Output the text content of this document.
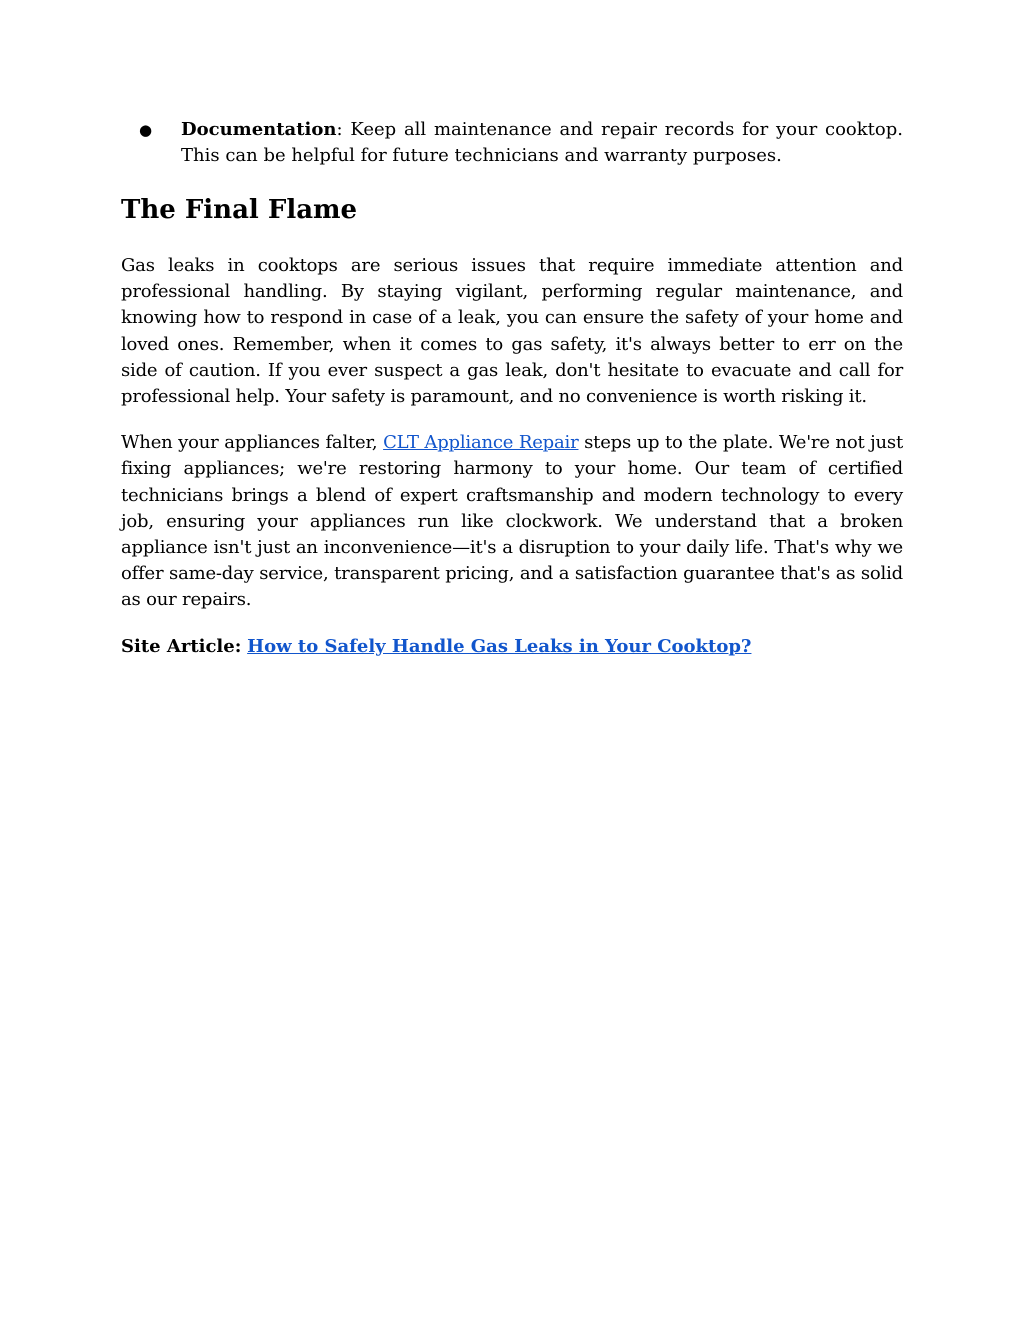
● Documentation: Keep all maintenance and repair records for your cooktop. This can be helpful for future technicians and warranty purposes.

The Final Flame

Gas leaks in cooktops are serious issues that require immediate attention and professional handling. By staying vigilant, performing regular maintenance, and knowing how to respond in case of a leak, you can ensure the safety of your home and loved ones. Remember, when it comes to gas safety, it's always better to err on the side of caution. If you ever suspect a gas leak, don't hesitate to evacuate and call for professional help. Your safety is paramount, and no convenience is worth risking it.

When your appliances falter, CLT Appliance Repair steps up to the plate. We're not just fixing appliances; we're restoring harmony to your home. Our team of certified technicians brings a blend of expert craftsmanship and modern technology to every job, ensuring your appliances run like clockwork. We understand that a broken appliance isn't just an inconvenience—it's a disruption to your daily life. That's why we offer same-day service, transparent pricing, and a satisfaction guarantee that's as solid as our repairs.

Site Article: How to Safely Handle Gas Leaks in Your Cooktop?
